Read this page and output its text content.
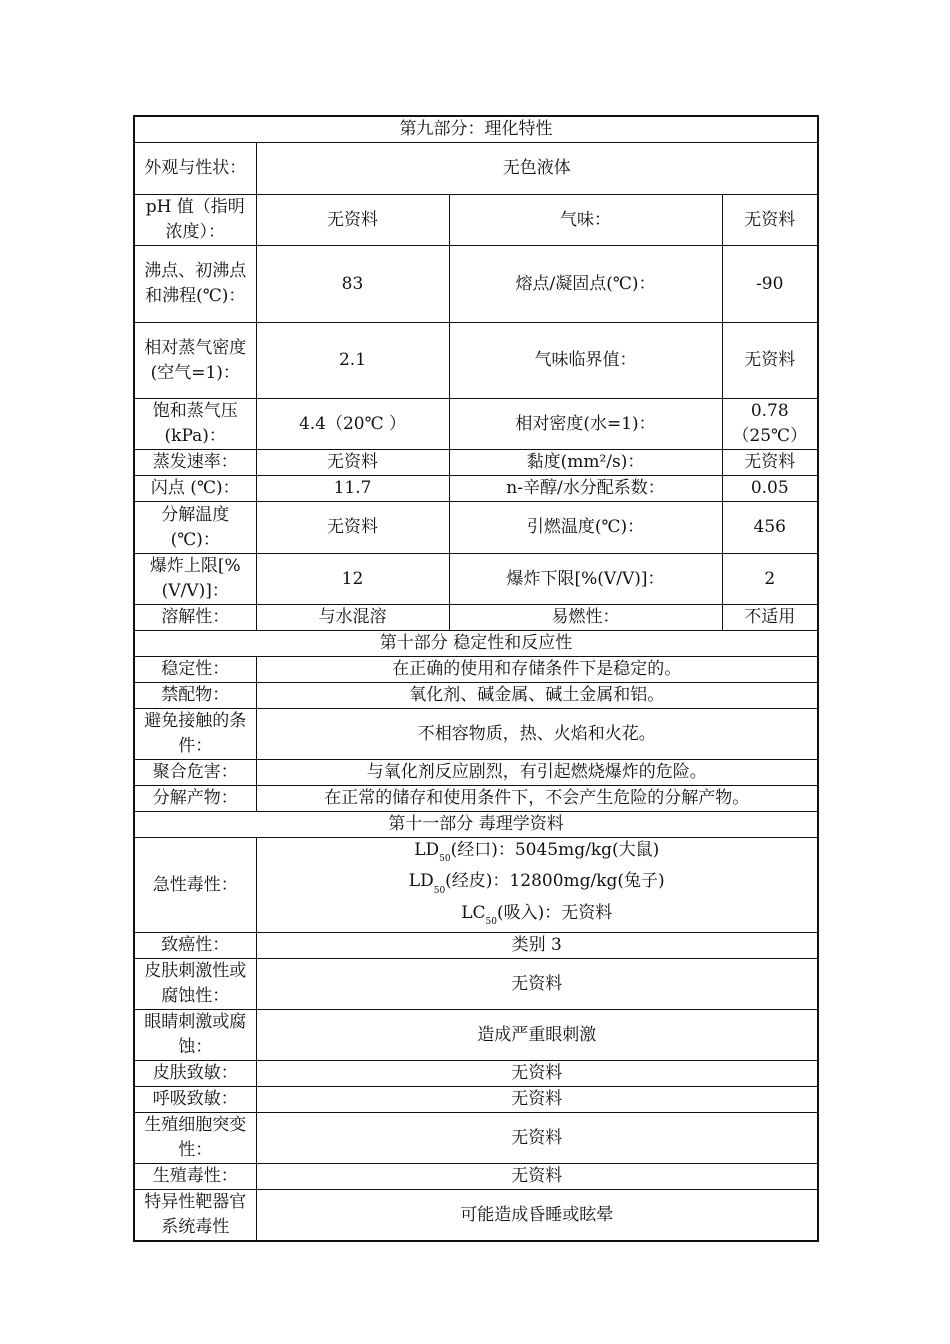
第九部分：理化特性			
外观与性状：	无色液体		
pH 值（指明浓度）：	无资料	气味：	无资料
沸点、初沸点和沸程(℃)：	83	熔点/凝固点(℃)：	-90
相对蒸气密度(空气=1)：	2.1	气味临界值：	无资料
饱和蒸气压(kPa)：	4.4（20℃ ）	相对密度(水=1)：	0.78（25℃）
蒸发速率：	无资料	黏度(mm²/s)：	无资料
闪点 (℃)：	11.7	n-辛醇/水分配系数：	0.05
分解温度(℃)：	无资料	引燃温度(℃)：	456
爆炸上限[%(V/V)]：	12	爆炸下限[%(V/V)]：	2
溶解性：	与水混溶	易燃性：	不适用
第十部分 稳定性和反应性			
稳定性：	在正确的使用和存储条件下是稳定的。		
禁配物：	氧化剂、碱金属、碱土金属和铝。		
避免接触的条件：	不相容物质，热、火焰和火花。		
聚合危害：	与氧化剂反应剧烈，有引起燃烧爆炸的危险。		
分解产物：	在正常的储存和使用条件下，不会产生危险的分解产物。		
第十一部分 毒理学资料			
急性毒性：	$LD_{50}$(经口)：5045mg/kg(大鼠)
$LD_{50}$(经皮)：12800mg/kg(兔子)
$LC_{50}$(吸入)：无资料		

致癌性：	类别 3		
皮肤刺激性或腐蚀性：	无资料		
眼睛刺激或腐蚀：	造成严重眼刺激		
皮肤致敏：	无资料		
呼吸致敏：	无资料		
生殖细胞突变性：	无资料		
生殖毒性：	无资料		
特异性靶器官系统毒性	可能造成昏睡或眩晕		
